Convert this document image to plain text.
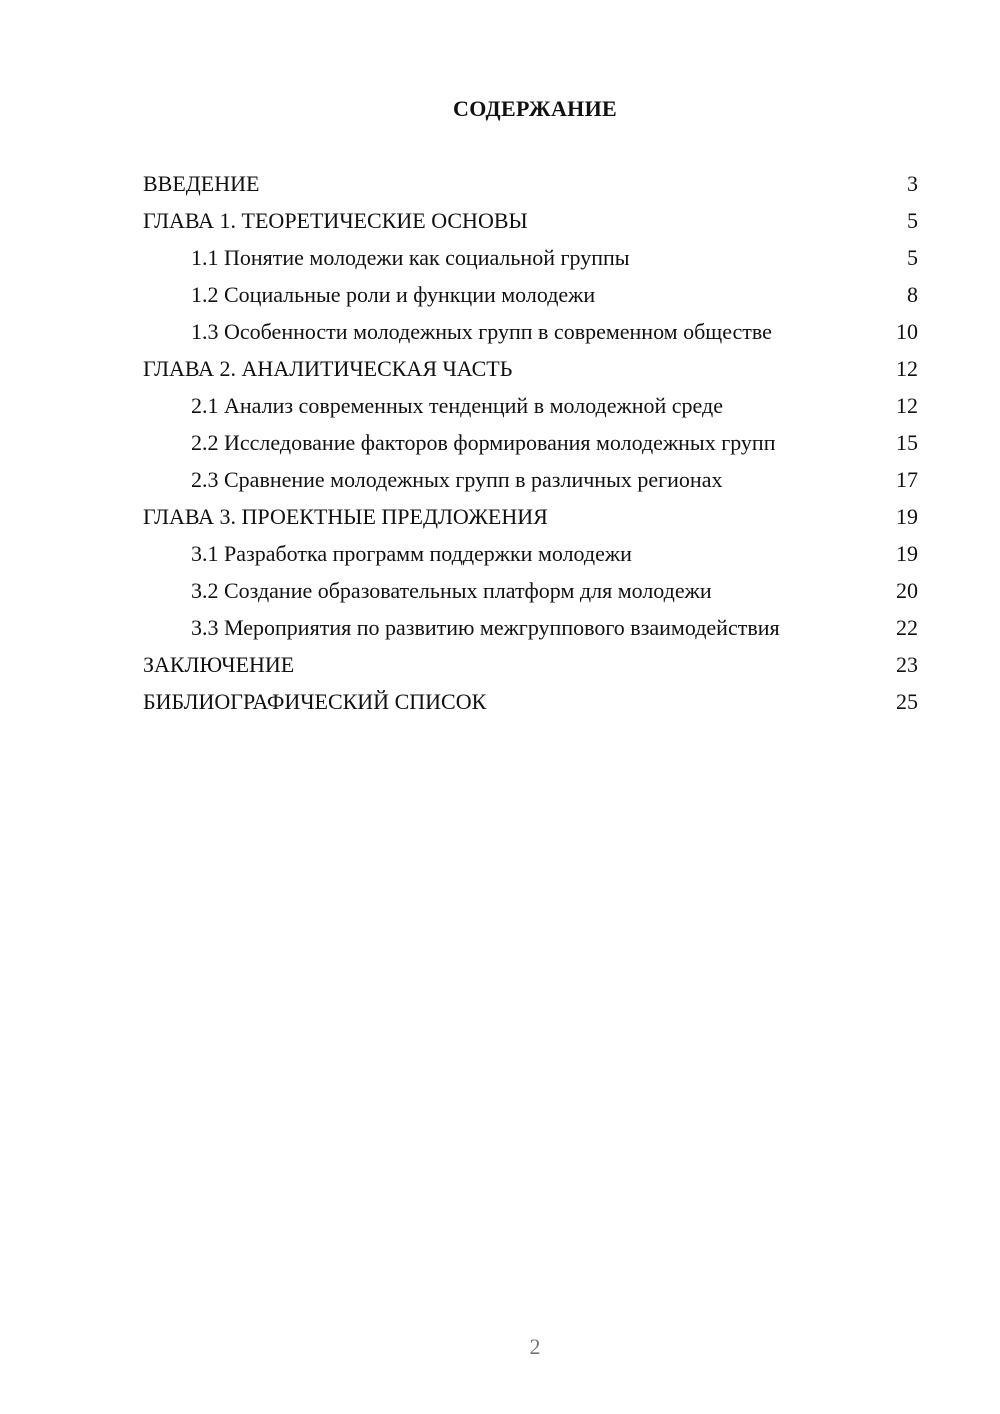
СОДЕРЖАНИЕ
ВВЕДЕНИЕ	3
ГЛАВА 1. ТЕОРЕТИЧЕСКИЕ ОСНОВЫ	5
1.1 Понятие молодежи как социальной группы	5
1.2 Социальные роли и функции молодежи	8
1.3 Особенности молодежных групп в современном обществе	10
ГЛАВА 2. АНАЛИТИЧЕСКАЯ ЧАСТЬ	12
2.1 Анализ современных тенденций в молодежной среде	12
2.2 Исследование факторов формирования молодежных групп	15
2.3 Сравнение молодежных групп в различных регионах	17
ГЛАВА 3. ПРОЕКТНЫЕ ПРЕДЛОЖЕНИЯ	19
3.1 Разработка программ поддержки молодежи	19
3.2 Создание образовательных платформ для молодежи	20
3.3 Мероприятия по развитию межгруппового взаимодействия	22
ЗАКЛЮЧЕНИЕ	23
БИБЛИОГРАФИЧЕСКИЙ СПИСОК	25
2
